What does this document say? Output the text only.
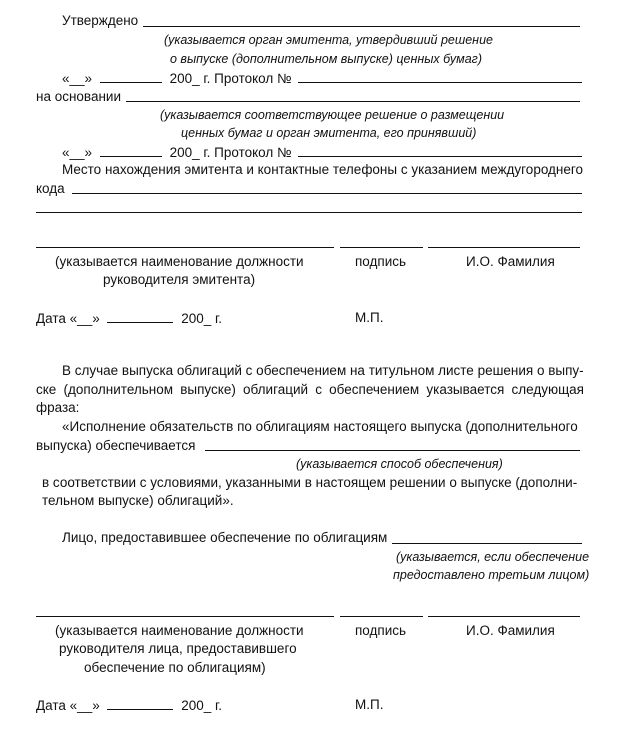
Утверждено
(указывается орган эмитента, утвердивший решение
о выпуске (дополнительном выпуске) ценных бумаг)
«__»	200_ г. Протокол №
на основании
(указывается соответствующее решение о размещении
ценных бумаг и орган эмитента, его принявший)
«__»	200_ г. Протокол №
Место нахождения эмитента и контактные телефоны с указанием междугороднего
кода
(указывается наименование должности
руководителя эмитента)
подпись	И.О. Фамилия
Дата «__»	200_ г.	М.П.
В случае выпуска облигаций с обеспечением на титульном листе решения о выпу-
ске (дополнительном выпуске) облигаций с обеспечением указывается следующая
фраза:
«Исполнение обязательств по облигациям настоящего выпуска (дополнительного
выпуска) обеспечивается
(указывается способ обеспечения)
в соответствии с условиями, указанными в настоящем решении о выпуске (дополни-
тельном выпуске) облигаций».
Лицо, предоставившее обеспечение по облигациям
(указывается, если обеспечение
предоставлено третьим лицом)
(указывается наименование должности
руководителя лица, предоставившего
обеспечение по облигациям)
подпись	И.О. Фамилия
Дата «__»	200_ г.	М.П.
